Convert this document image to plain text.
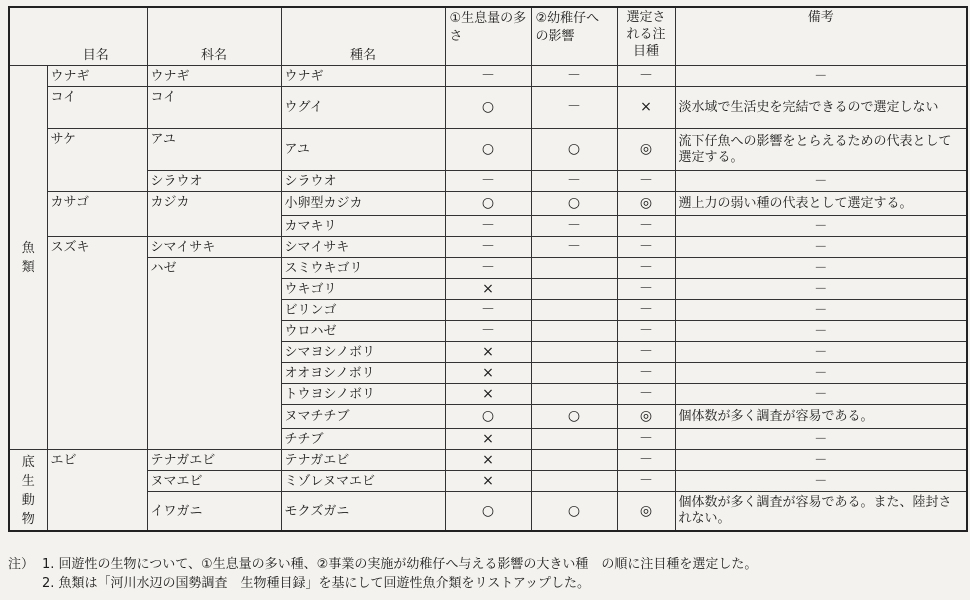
目名		科名	種名	①生息量の多さ	②幼稚仔へ の影響	選定される注目種	備考
魚類	ウナギ	ウナギ	ウナギ	－	－	－	－
	コイ	コイ	ウグイ	○	－	×	淡水域で生活史を完結できるので選定しない
	サケ	アユ	アユ	○	○	◎	流下仔魚への影響をとらえるための代表として選定する。
		シラウオ	シラウオ	－	－	－	－
	カサゴ	カジカ	小卵型カジカ	○	○	◎	遡上力の弱い種の代表として選定する。
			カマキリ	－	－	－	－
	スズキ	シマイサキ	シマイサキ	－	－	－	－
		ハゼ	スミウキゴリ	－		－	－
			ウキゴリ	×		－	－
			ビリンゴ	－		－	－
			ウロハゼ	－		－	－
			シマヨシノボリ	×		－	－
			オオヨシノボリ	×		－	－
			トウヨシノボリ	×		－	－
			ヌマチチブ	○	○	◎	個体数が多く調査が容易である。
			チチブ	×		－	－
底生動物	エビ	テナガエビ	テナガエビ	×		－	－
		ヌマエビ	ミゾレヌマエビ	×		－	－
		イワガニ	モクズガニ	○	○	◎	個体数が多く調査が容易である。また、陸封されない。
注） 1. 回遊性の生物について、①生息量の多い種、②事業の実施が幼稚仔へ与える影響の大きい種　の順に注目種を選定した。
2. 魚類は「河川水辺の国勢調査　生物種目録」を基にして回遊性魚介類をリストアップした。
